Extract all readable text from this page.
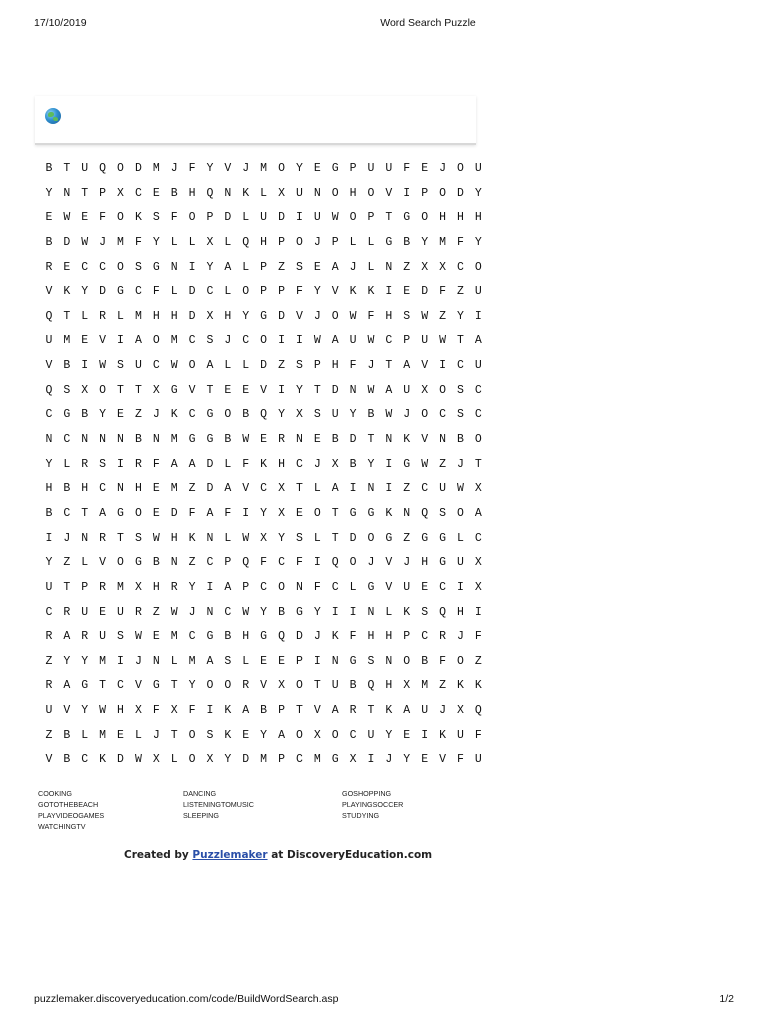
17/10/2019	Word Search Puzzle
B T U Q O D M J F Y V J M O Y E G P U U F E J O U
Y N T P X C E B H Q N K L X U N O H O V I P O D Y
E W E F O K S F O P D L U D I U W O P T G O H H H
B D W J M F Y L L X L Q H P O J P L L G B Y M F Y
R E C C O S G N I Y A L P Z S E A J L N Z X X C O
V K Y D G C F L D C L O P P F Y V K K I E D F Z U
Q T L R L M H H D X H Y G D V J O W F H S W Z Y I
U M E V I A O M C S J C O I I W A U W C P U W T A
V B I W S U C W O A L L D Z S P H F J T A V I C U
Q S X O T T X G V T E E V I Y T D N W A U X O S C
C G B Y E Z J K C G O B Q Y X S U Y B W J O C S C
N C N N N B N M G G B W E R N E B D T N K V N B O
Y L R S I R F A A D L F K H C J X B Y I G W Z J T
H B H C N H E M Z D A V C X T L A I N I Z C U W X
B C T A G O E D F A F I Y X E O T G G K N Q S O A
I J N R T S W H K N L W X Y S L T D O G Z G G L C
Y Z L V O G B N Z C P Q F C F I Q O J V J H G U X
U T P R M X H R Y I A P C O N F C L G V U E C I X
C R U E U R Z W J N C W Y B G Y I I N L K S Q H I
R A R U S W E M C G B H G Q D J K F H H P C R J F
Z Y Y M I J N L M A S L E E P I N G S N O B F O Z
R A G T C V G T Y O O R V X O T U B Q H X M Z K K
U V Y W H X F X F I K A B P T V A R T K A U J X Q
Z B L M E L J T O S K E Y A O X O C U Y E I K U F
V B C K D W X L O X Y D M P C M G X I J Y E V F U
COOKING
GOTOTHEBEACH
PLAYVIDEOGAMES
WATCHINGTV
DANCING
LISTENINGTOMUSIC
SLEEPING
GOSHOPPING
PLAYINGSOCCER
STUDYING
Created by Puzzlemaker at DiscoveryEducation.com
puzzlemaker.discoveryeducation.com/code/BuildWordSearch.asp	1/2
